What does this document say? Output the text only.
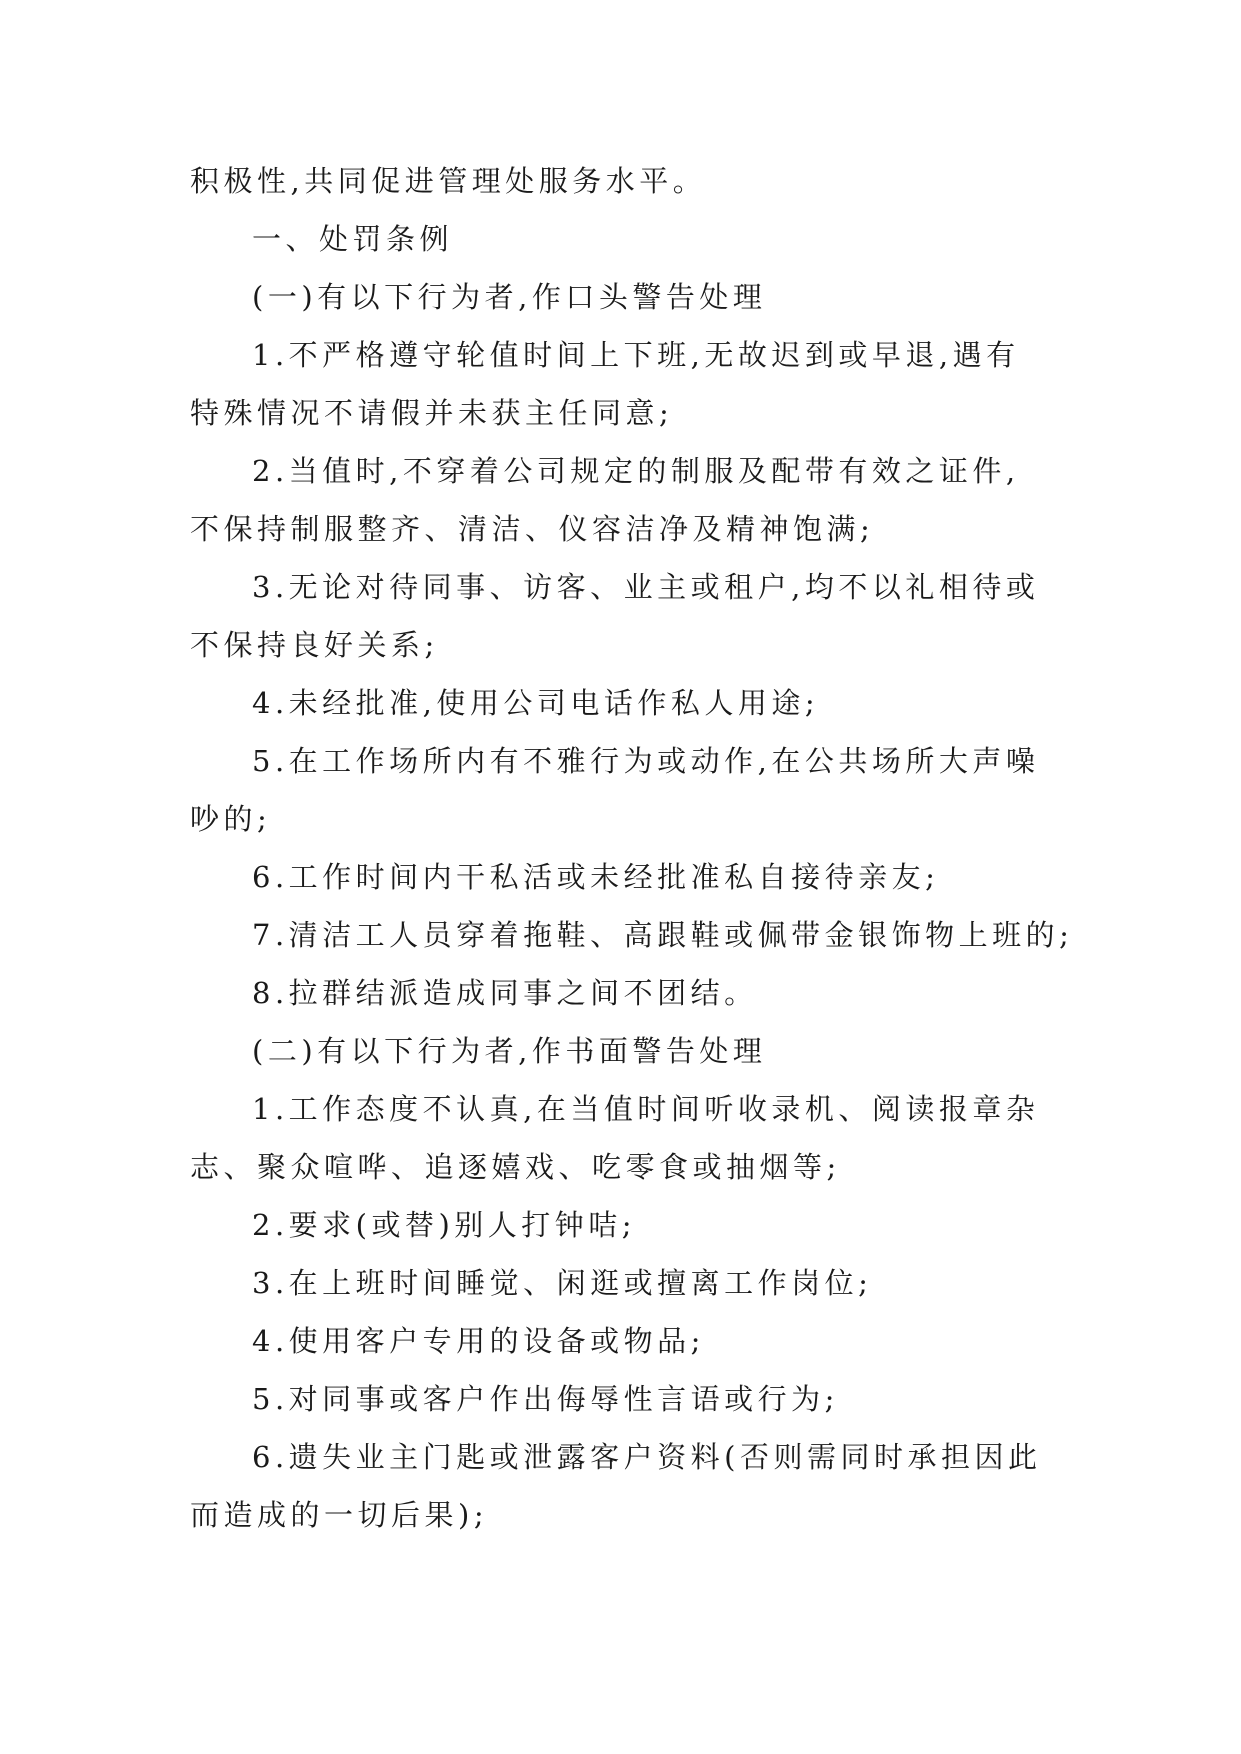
积极性,共同促进管理处服务水平。

一、处罚条例

(一)有以下行为者,作口头警告处理

1.不严格遵守轮值时间上下班,无故迟到或早退,遇有

特殊情况不请假并未获主任同意;

2.当值时,不穿着公司规定的制服及配带有效之证件,

不保持制服整齐、清洁、仪容洁净及精神饱满;

3.无论对待同事、访客、业主或租户,均不以礼相待或

不保持良好关系;

4.未经批准,使用公司电话作私人用途;

5.在工作场所内有不雅行为或动作,在公共场所大声噪

吵的;

6.工作时间内干私活或未经批准私自接待亲友;

7.清洁工人员穿着拖鞋、高跟鞋或佩带金银饰物上班的;

8.拉群结派造成同事之间不团结。

(二)有以下行为者,作书面警告处理

1.工作态度不认真,在当值时间听收录机、阅读报章杂

志、聚众喧哗、追逐嬉戏、吃零食或抽烟等;

2.要求(或替)别人打钟咭;

3.在上班时间睡觉、闲逛或擅离工作岗位;

4.使用客户专用的设备或物品;

5.对同事或客户作出侮辱性言语或行为;

6.遗失业主门匙或泄露客户资料(否则需同时承担因此

而造成的一切后果);
